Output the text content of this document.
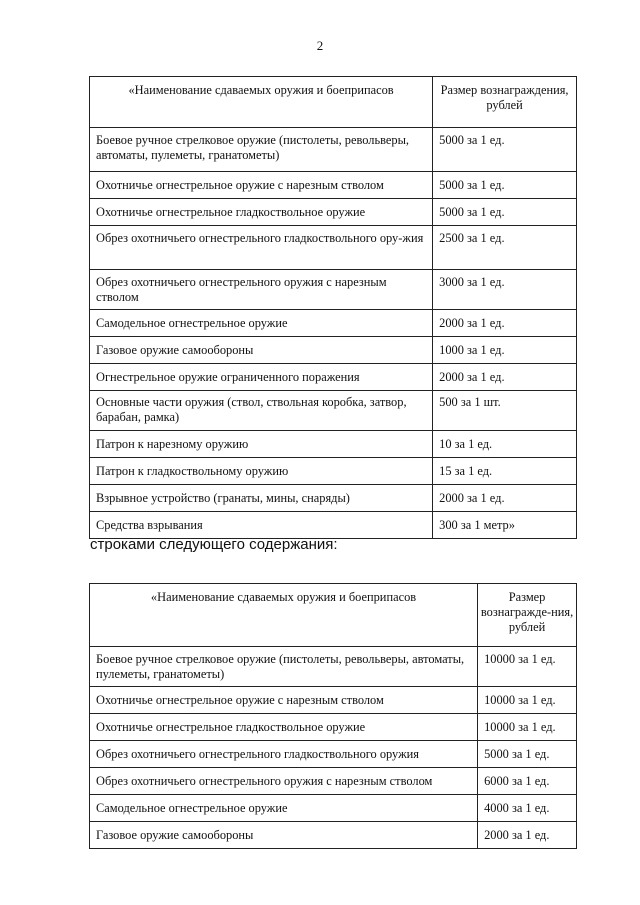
2
«Наименование сдаваемых оружия и боеприпасов	Размер вознаграждения, рублей
Боевое ручное стрелковое оружие (пистолеты, револьверы, автоматы, пулеметы, гранатометы)	5000 за 1 ед.
Охотничье огнестрельное оружие с нарезным стволом	5000 за 1 ед.
Охотничье огнестрельное гладкоствольное оружие	5000 за 1 ед.
Обрез охотничьего огнестрельного гладкоствольного ору-жия	2500 за 1 ед.
Обрез охотничьего огнестрельного оружия с нарезным стволом	3000 за 1 ед.
Самодельное огнестрельное оружие	2000 за 1 ед.
Газовое оружие самообороны	1000 за 1 ед.
Огнестрельное оружие ограниченного поражения	2000 за 1 ед.
Основные части оружия (ствол, ствольная коробка, затвор, барабан, рамка)	500 за 1 шт.
Патрон к нарезному оружию	10 за 1 ед.
Патрон к гладкоствольному оружию	15 за 1 ед.
Взрывное устройство (гранаты, мины, снаряды)	2000 за 1 ед.
Средства взрывания	300 за 1 метр»
строками следующего содержания:
«Наименование сдаваемых оружия и боеприпасов	Размер вознагражде-ния, рублей
Боевое ручное стрелковое оружие (пистолеты, револьверы, автоматы, пулеметы, гранатометы)	10000 за 1 ед.
Охотничье огнестрельное оружие с нарезным стволом	10000 за 1 ед.
Охотничье огнестрельное гладкоствольное оружие	10000 за 1 ед.
Обрез охотничьего огнестрельного гладкоствольного оружия	5000 за 1 ед.
Обрез охотничьего огнестрельного оружия с нарезным стволом	6000 за 1 ед.
Самодельное огнестрельное оружие	4000 за 1 ед.
Газовое оружие самообороны	2000 за 1 ед.
